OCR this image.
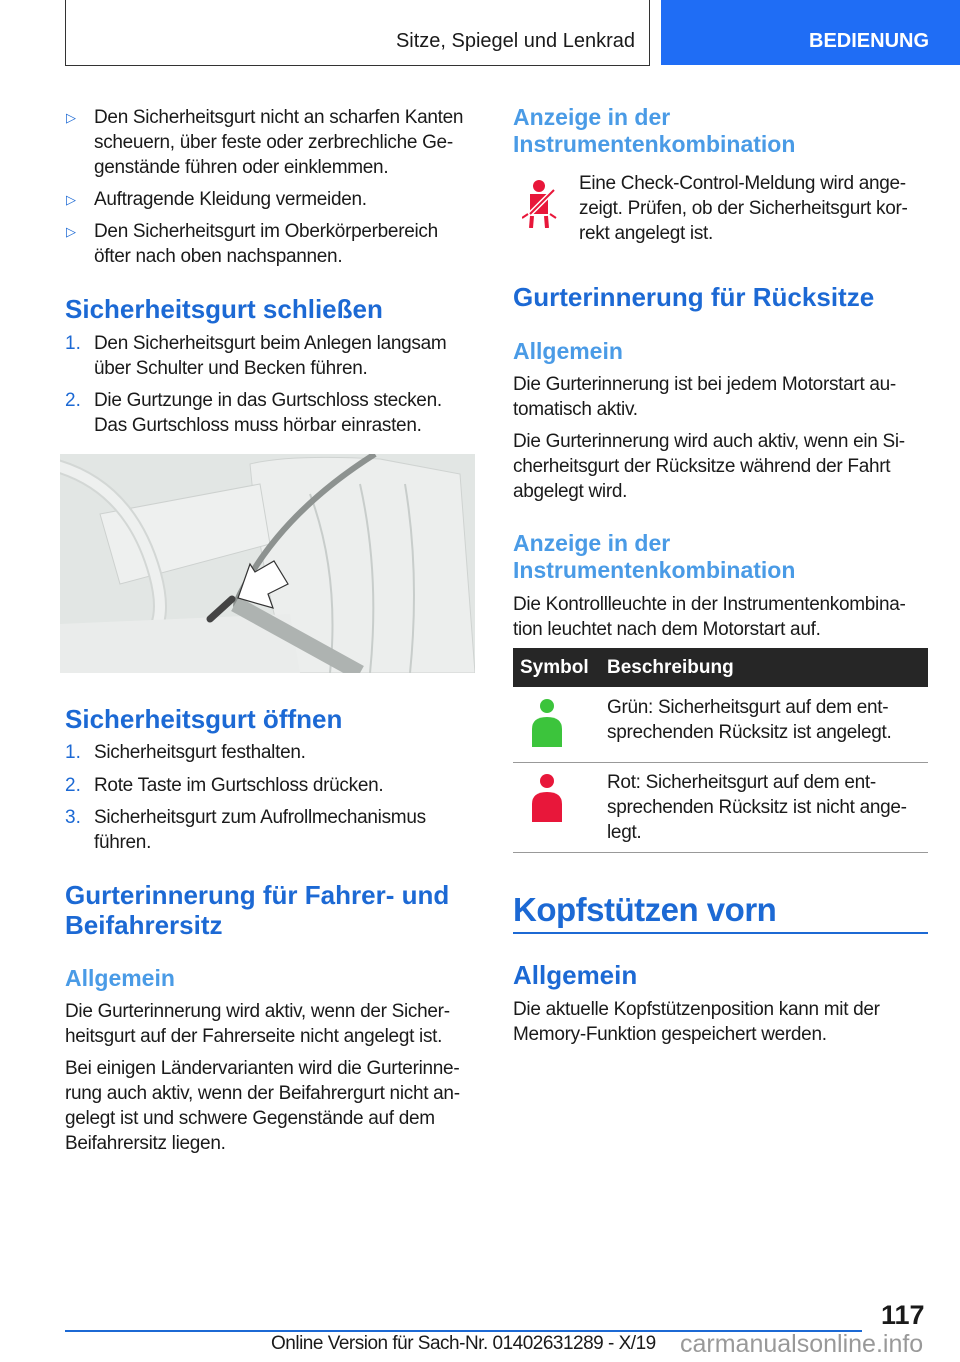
Sitze, Spiegel und Lenkrad	BEDIENUNG
▷ Den Sicherheitsgurt nicht an scharfen Kanten
scheuern, über feste oder zerbrechliche Ge-
genstände führen oder einklemmen.
▷ Auftragende Kleidung vermeiden.
▷ Den Sicherheitsgurt im Oberkörperbereich
öfter nach oben nachspannen.
Sicherheitsgurt schließen
1. Den Sicherheitsgurt beim Anlegen langsam
über Schulter und Becken führen.
2. Die Gurtzunge in das Gurtschloss stecken.
Das Gurtschloss muss hörbar einrasten.
Sicherheitsgurt öffnen
1. Sicherheitsgurt festhalten.
2. Rote Taste im Gurtschloss drücken.
3. Sicherheitsgurt zum Aufrollmechanismus
führen.
Gurterinnerung für Fahrer- und
Beifahrersitz
Allgemein
Die Gurterinnerung wird aktiv, wenn der Sicher-
heitsgurt auf der Fahrerseite nicht angelegt ist.
Bei einigen Ländervarianten wird die Gurterinne-
rung auch aktiv, wenn der Beifahrergurt nicht an-
gelegt ist und schwere Gegenstände auf dem
Beifahrersitz liegen.
Anzeige in der
Instrumentenkombination
Eine Check-Control-Meldung wird ange-
zeigt. Prüfen, ob der Sicherheitsgurt kor-
rekt angelegt ist.
Gurterinnerung für Rücksitze
Allgemein
Die Gurterinnerung ist bei jedem Motorstart au-
tomatisch aktiv.
Die Gurterinnerung wird auch aktiv, wenn ein Si-
cherheitsgurt der Rücksitze während der Fahrt
abgelegt wird.
Anzeige in der
Instrumentenkombination
Die Kontrollleuchte in der Instrumentenkombina-
tion leuchtet nach dem Motorstart auf.
Symbol Beschreibung
Grün: Sicherheitsgurt auf dem ent-
sprechenden Rücksitz ist angelegt.
Rot: Sicherheitsgurt auf dem ent-
sprechenden Rücksitz ist nicht ange-
legt.
Kopfstützen vorn
Allgemein
Die aktuelle Kopfstützenposition kann mit der
Memory-Funktion gespeichert werden.
117
Online Version für Sach-Nr. 01402631289 - X/19 carmanualsonline.info
